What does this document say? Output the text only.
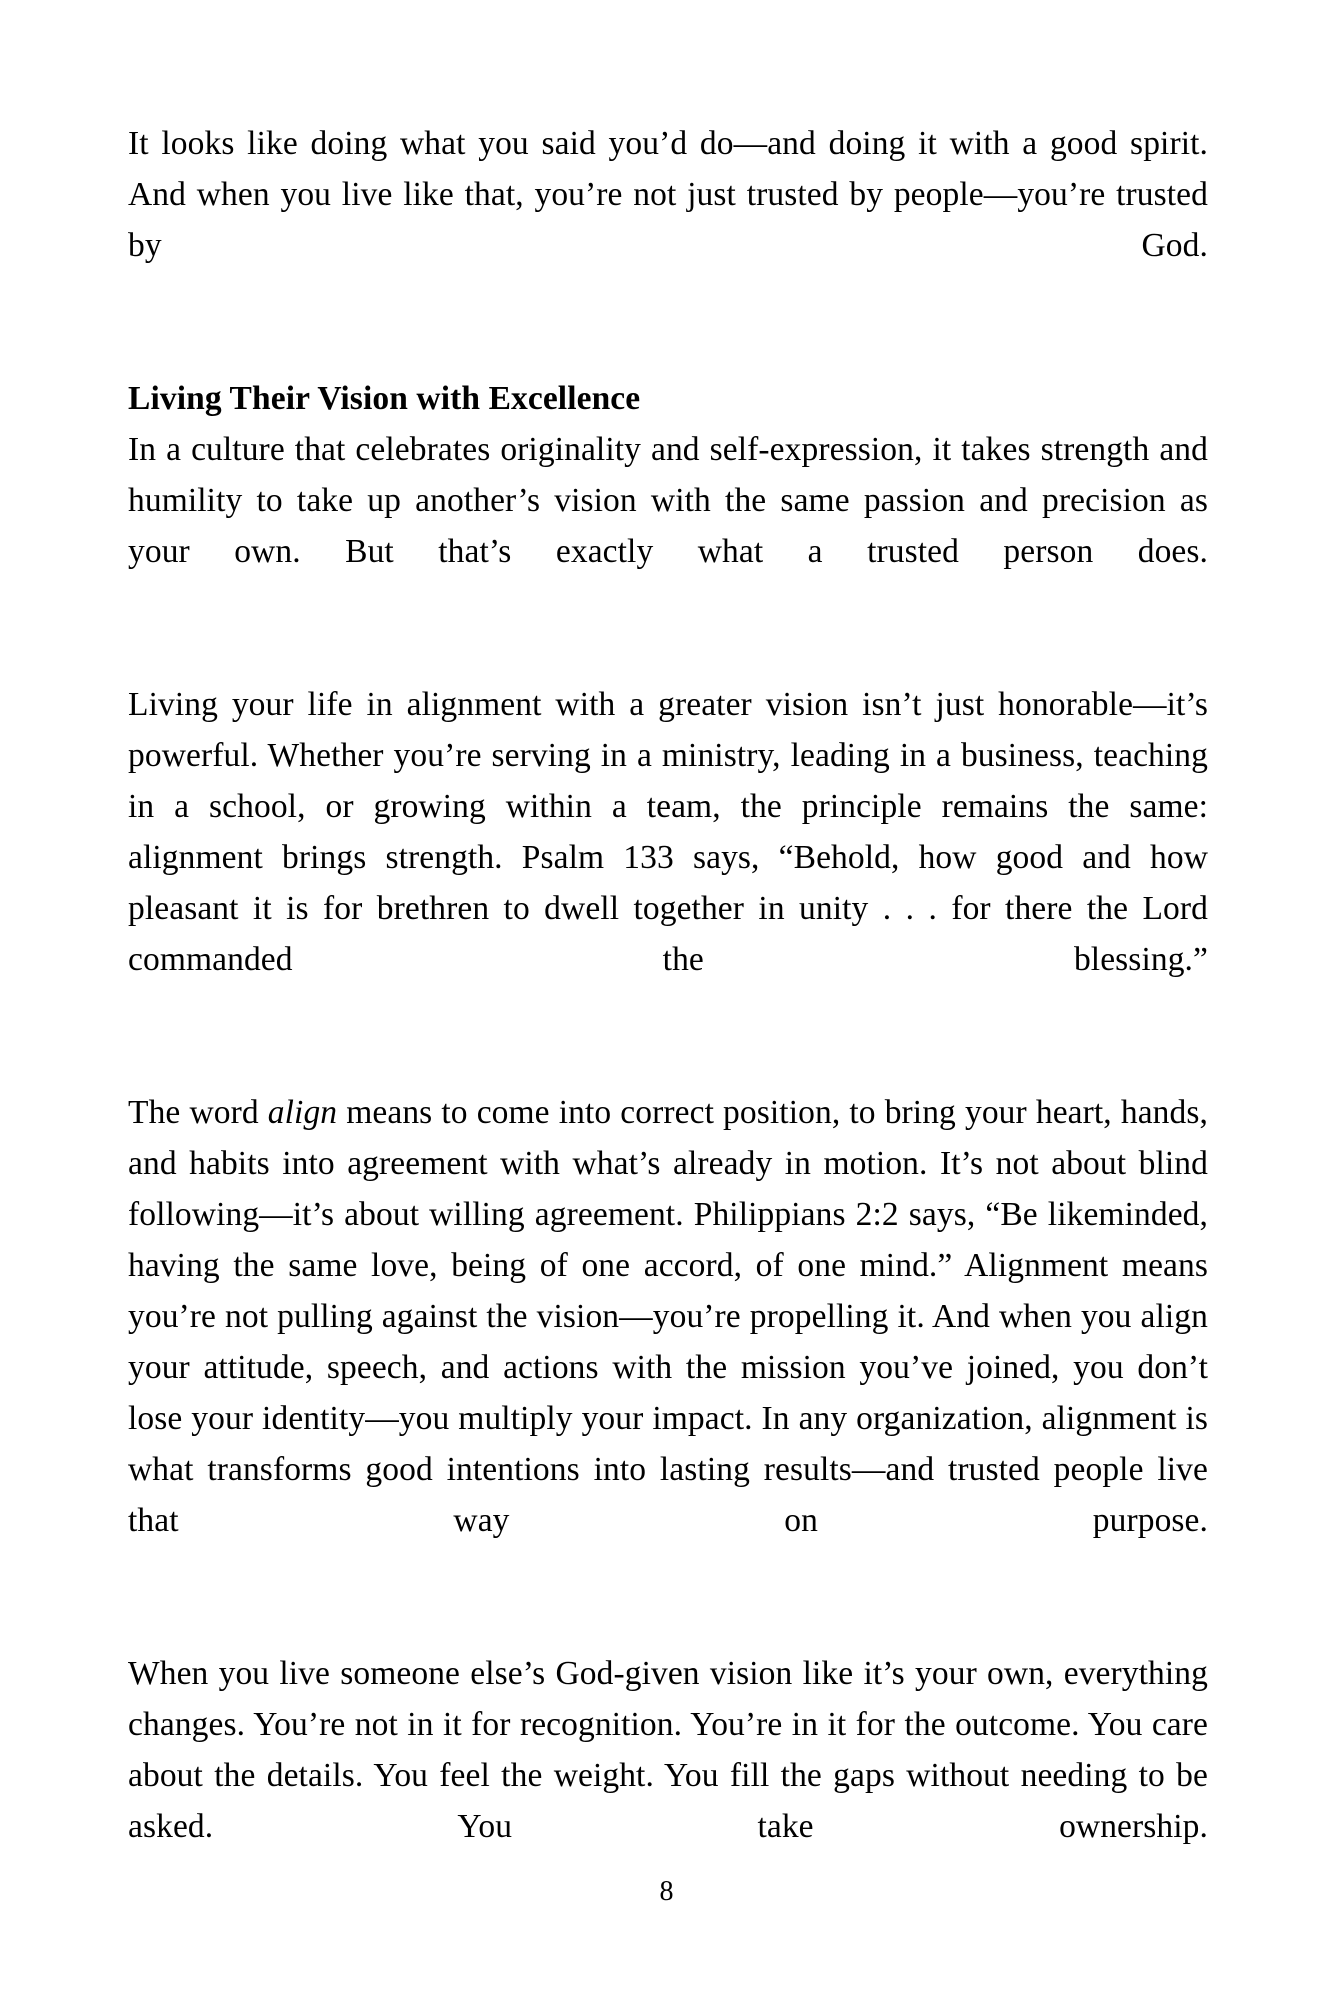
It looks like doing what you said you’d do—and doing it with a good spirit. And when you live like that, you’re not just trusted by people—you’re trusted by God.

Living Their Vision with Excellence

In a culture that celebrates originality and self-expression, it takes strength and humility to take up another’s vision with the same passion and precision as your own. But that’s exactly what a trusted person does.

Living your life in alignment with a greater vision isn’t just honorable—it’s powerful. Whether you’re serving in a ministry, leading in a business, teaching in a school, or growing within a team, the principle remains the same: alignment brings strength. Psalm 133 says, “Behold, how good and how pleasant it is for brethren to dwell together in unity . . . for there the Lord commanded the blessing.”

The word align means to come into correct position, to bring your heart, hands, and habits into agreement with what’s already in motion. It’s not about blind following—it’s about willing agreement. Philippians 2:2 says, “Be likeminded, having the same love, being of one accord, of one mind.” Alignment means you’re not pulling against the vision—you’re propelling it. And when you align your attitude, speech, and actions with the mission you’ve joined, you don’t lose your identity—you multiply your impact. In any organization, alignment is what transforms good intentions into lasting results—and trusted people live that way on purpose.

When you live someone else’s God-given vision like it’s your own, everything changes. You’re not in it for recognition. You’re in it for the outcome. You care about the details. You feel the weight. You fill the gaps without needing to be asked. You take ownership.

8
